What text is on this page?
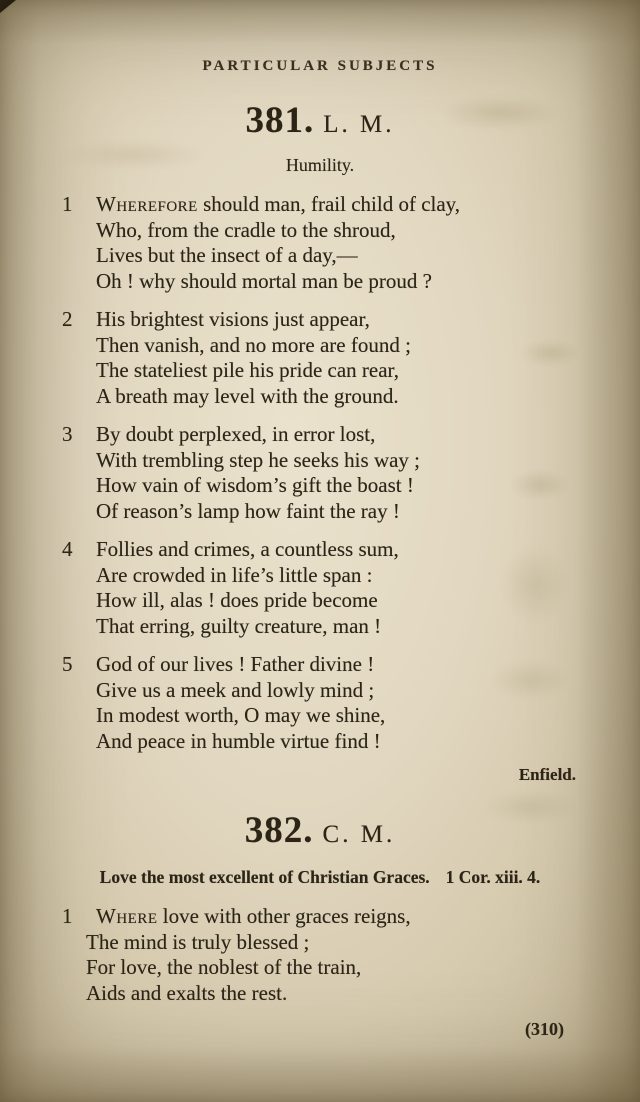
PARTICULAR SUBJECTS
381. L. M.
Humility.
1 Wherefore should man, frail child of clay,
Who, from the cradle to the shroud,
Lives but the insect of a day,—
Oh ! why should mortal man be proud ?
2 His brightest visions just appear,
Then vanish, and no more are found ;
The stateliest pile his pride can rear,
A breath may level with the ground.
3 By doubt perplexed, in error lost,
With trembling step he seeks his way ;
How vain of wisdom’s gift the boast !
Of reason’s lamp how faint the ray !
4 Follies and crimes, a countless sum,
Are crowded in life’s little span :
How ill, alas ! does pride become
That erring, guilty creature, man !
5 God of our lives ! Father divine !
Give us a meek and lowly mind ;
In modest worth, O may we shine,
And peace in humble virtue find !
Enfield.
382. C. M.
Love the most excellent of Christian Graces. 1 Cor. xiii. 4.
1 Where love with other graces reigns,
The mind is truly blessed ;
For love, the noblest of the train,
Aids and exalts the rest.
(310)
